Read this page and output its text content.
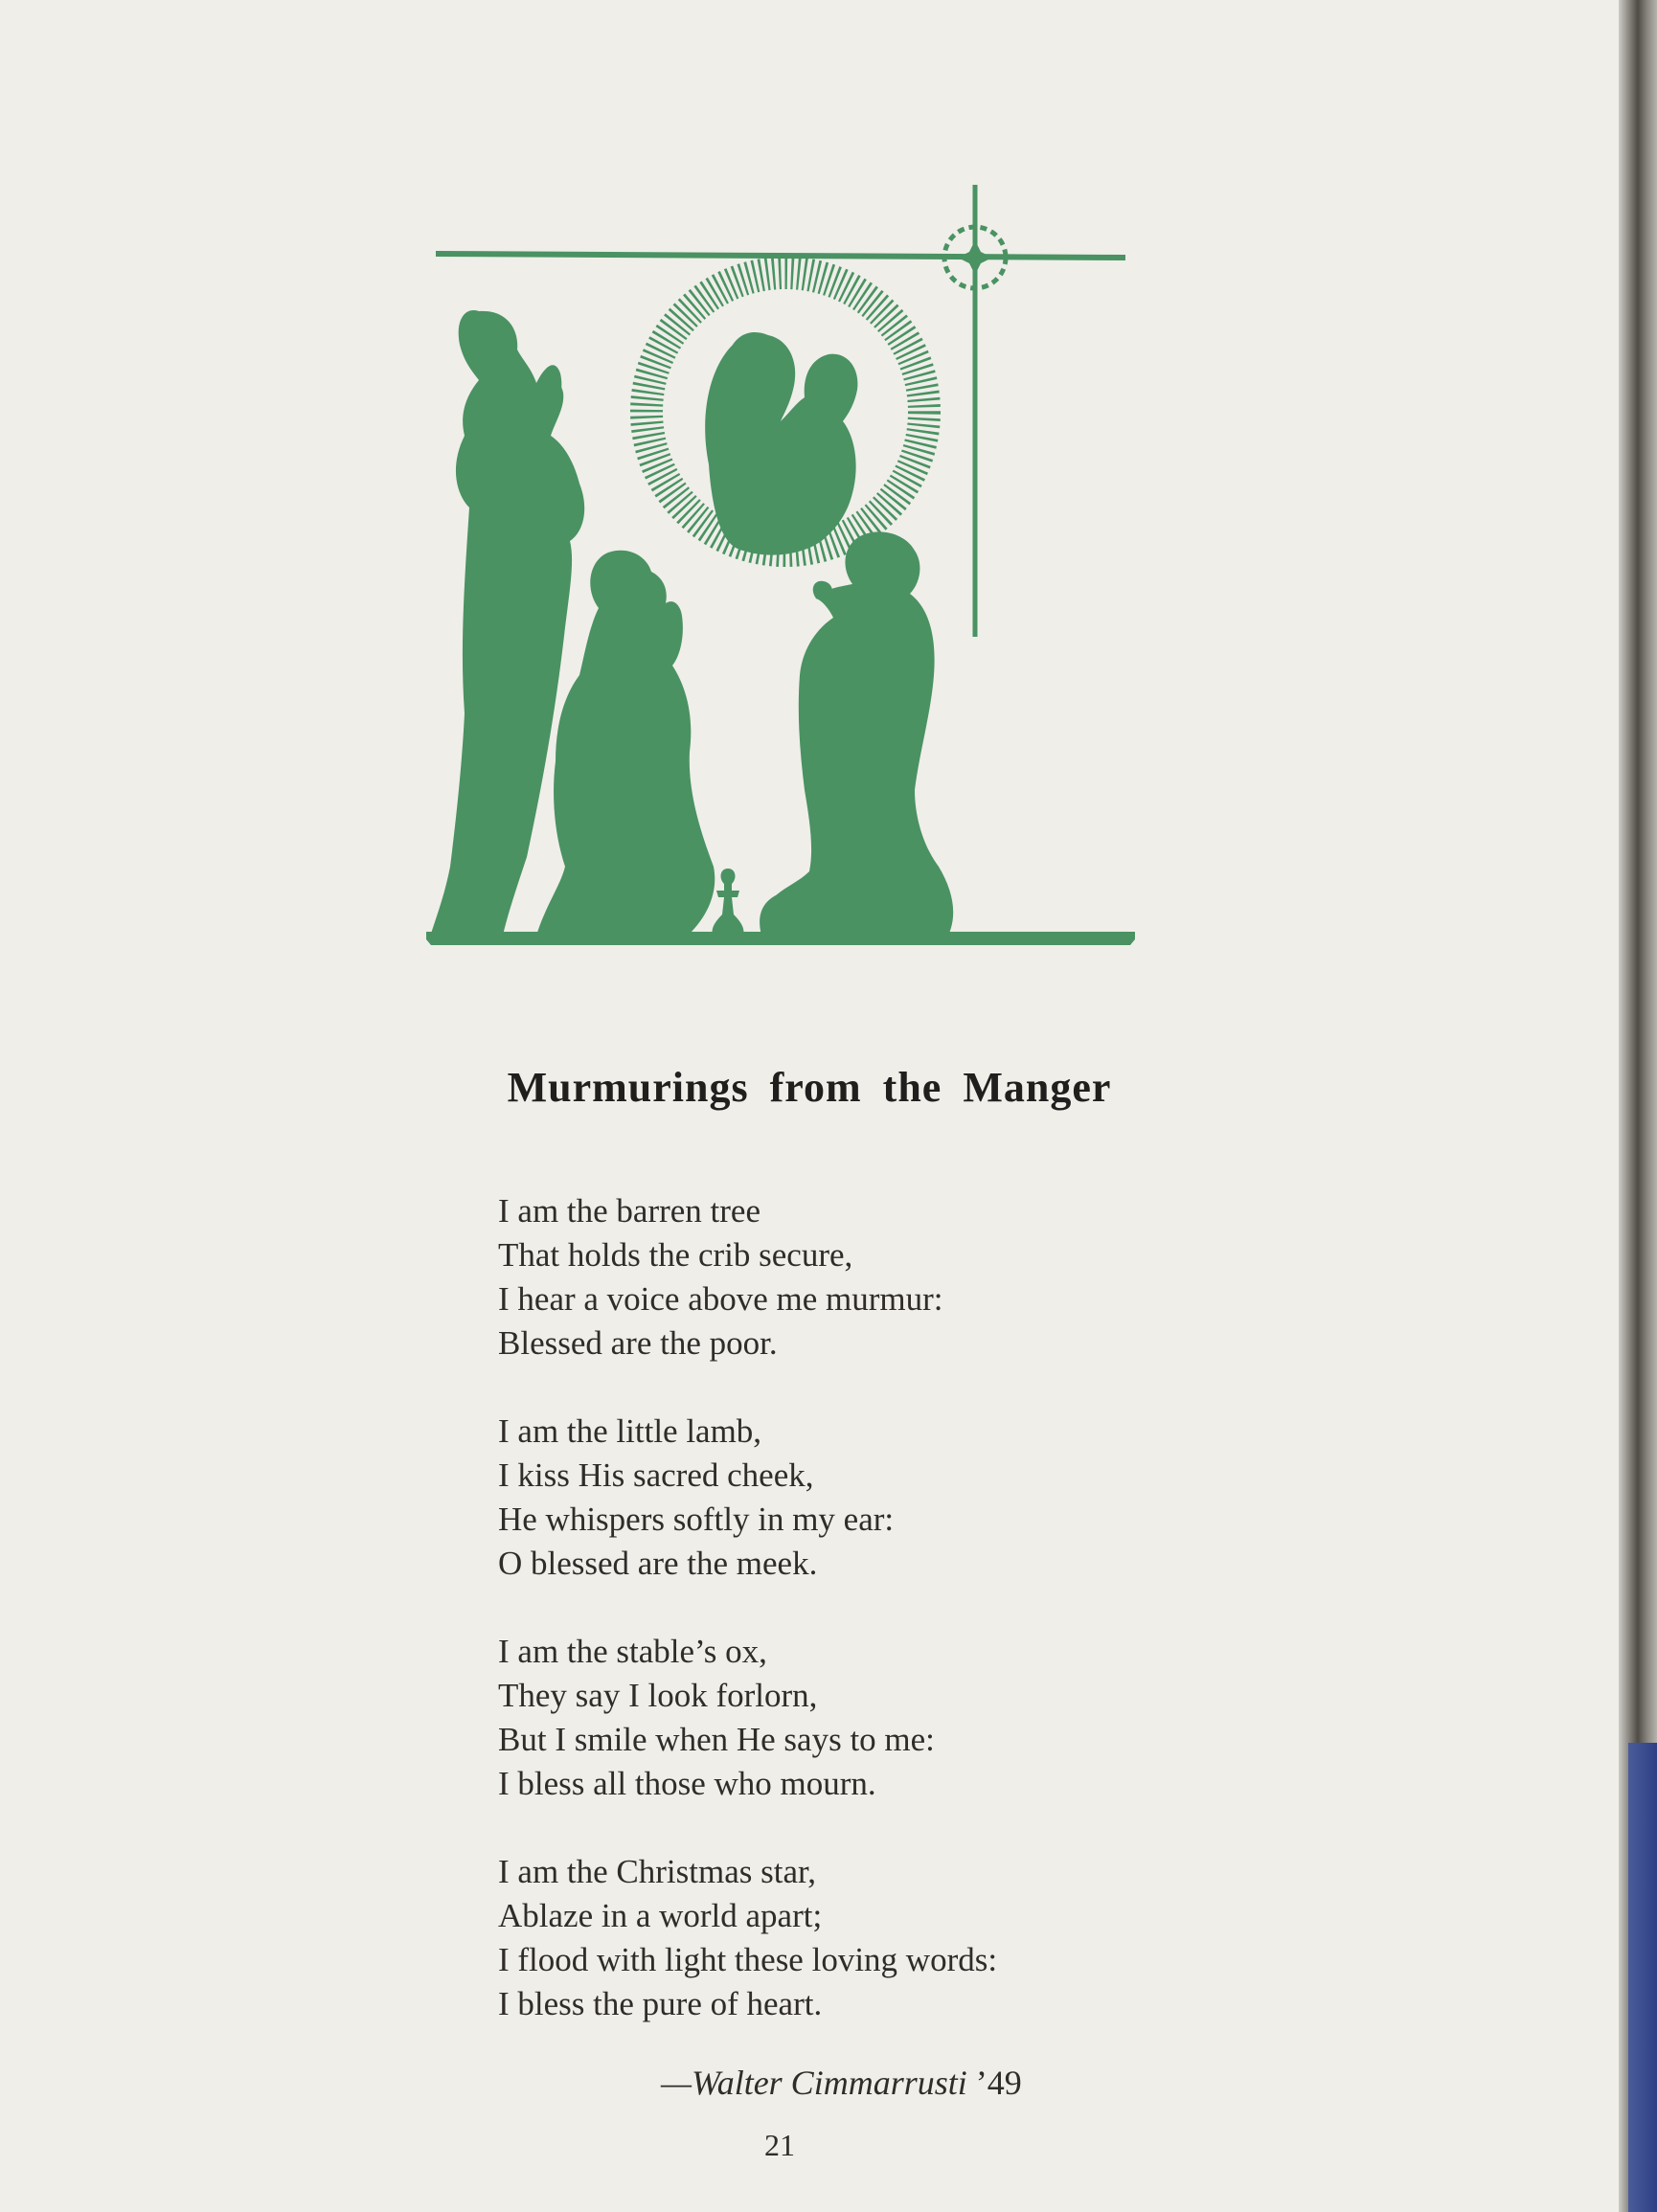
Murmurings from the Manger
I am the barren tree
That holds the crib secure,
I hear a voice above me murmur:
Blessed are the poor.
I am the little lamb,
I kiss His sacred cheek,
He whispers softly in my ear:
O blessed are the meek.
I am the stable’s ox,
They say I look forlorn,
But I smile when He says to me:
I bless all those who mourn.
I am the Christmas star,
Ablaze in a world apart;
I flood with light these loving words:
I bless the pure of heart.
—Walter Cimmarrusti ’49
21
